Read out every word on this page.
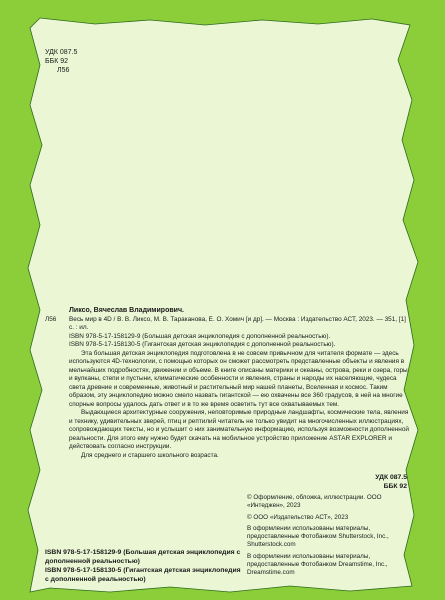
УДК 087.5
ББК 92
Л56

Ликсо, Вячеслав Владимирович.

Л56	Весь мир в 4D / В. В. Ликсо, М. В. Тараканова, Е. О. Хомич [и др]. — Москва : Издательство АСТ, 2023. — 351, [1] с. : ил.

ISBN 978-5-17-158129-9 (Большая детская энциклопедия с дополненной реальностью).

ISBN 978-5-17-158130-5 (Гигантская детская энциклопедия с дополненной реальностью).

Эта большая детская энциклопедия подготовлена в не совсем привычном для читателя формате — здесь используются 4D-технологии, с помощью которых он сможет рассмотреть представленные объекты и явления в мельчайших подробностях, движении и объеме. В книге описаны материки и океаны, острова, реки и озера, горы и вулканы, степи и пустыни, климатические особенности и явления, страны и народы их населяющие, чудеса света древние и современные, животный и растительный мир нашей планеты, Вселенная и космос. Таким образом, эту энциклопедию можно смело назвать гигантской — ею охвачены все 360 градусов, в ней на многие спорные вопросы удалось дать ответ и в то же время осветить тут все охватываемых тем.

Выдающиеся архитектурные сооружения, неповторимые природные ландшафты, космические тела, явления и технику, удивительных зверей, птиц и рептилий читатель не только увидит на многочисленных иллюстрациях, сопровождающих тексты, но и услышит о них занимательную информацию, используя возможности дополненной реальности. Для этого ему нужно будет скачать на мобильное устройство приложение ASTAR EXPLORER и действовать согласно инструкции.

Для среднего и старшего школьного возраста.

УДК 087.5
ББК 92

© Оформление, обложка, иллюстрации. ООО «Интеджен», 2023

© ООО «Издательство АСТ», 2023

В оформлении использованы материалы, предоставленные Фотобанком Shutterstock, Inc., Shutterstock.com

В оформлении использованы материалы, предоставленные Фотобанком Dreamstime, Inc., Dreamstime.com

ISBN 978-5-17-158129-9 (Большая детская энциклопедия с дополненной реальностью)

ISBN 978-5-17-158130-5 (Гигантская детская энциклопедия с дополненной реальностью)
